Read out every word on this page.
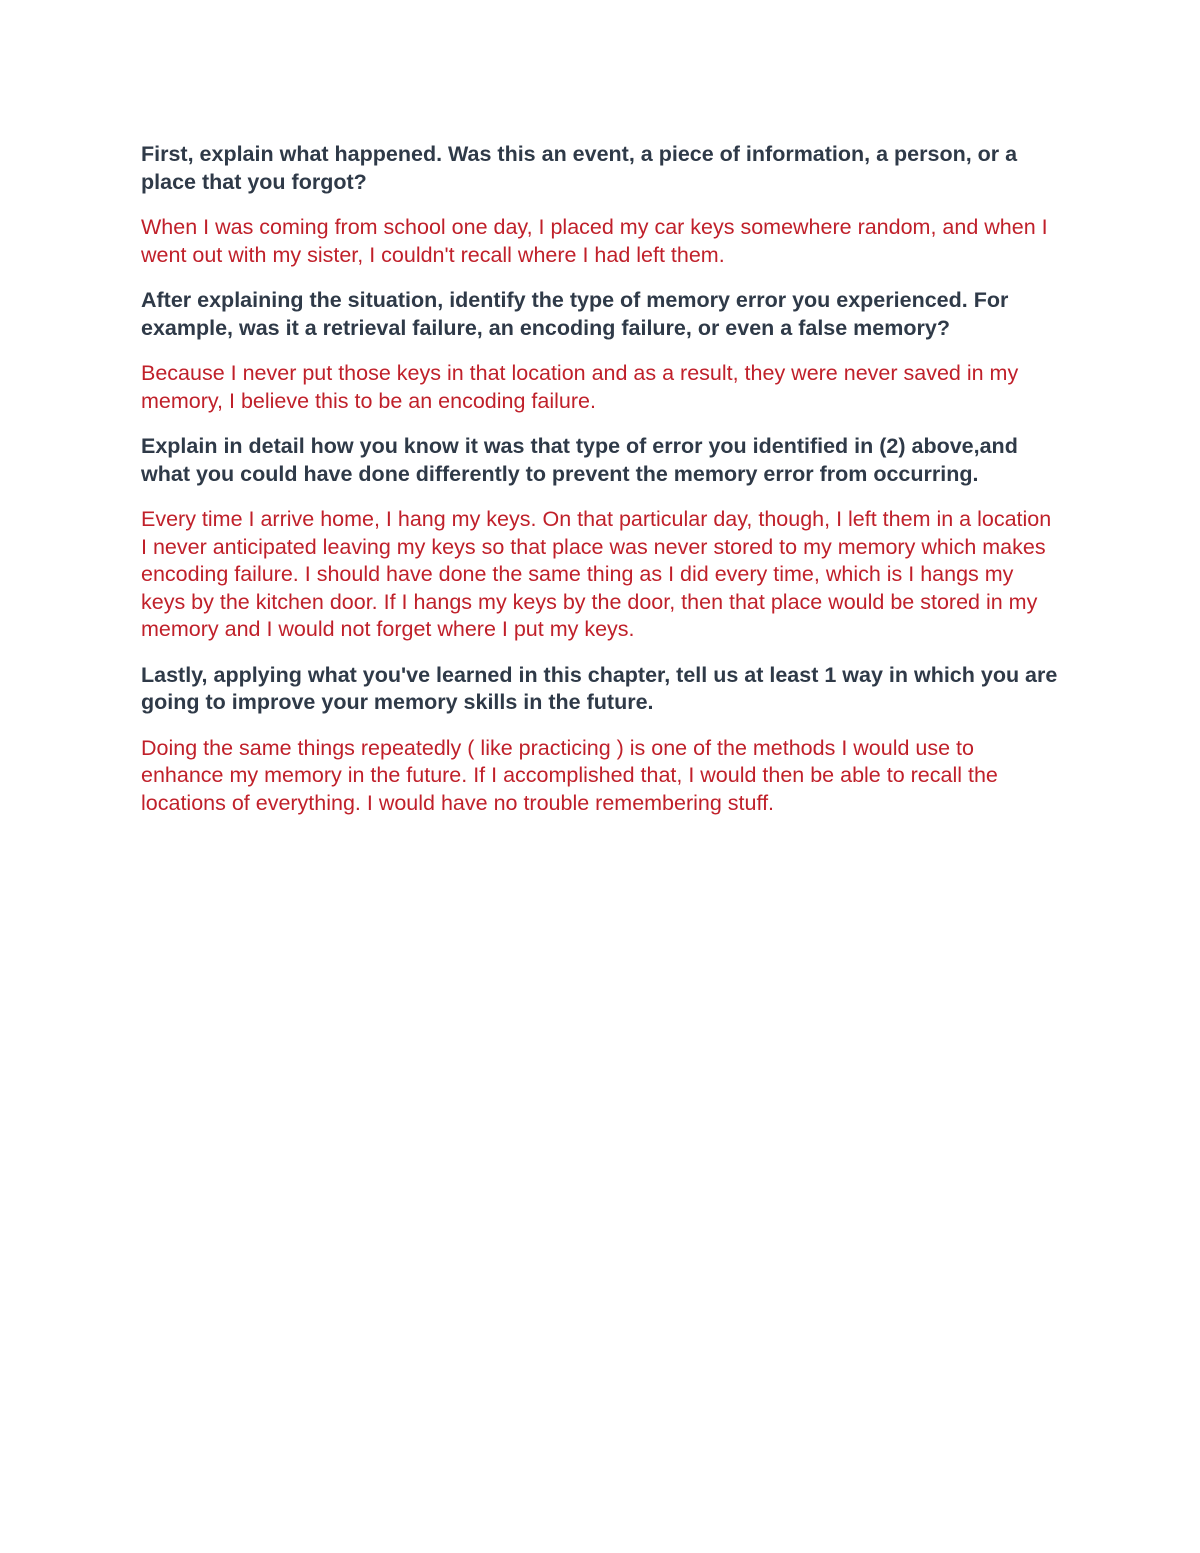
First, explain what happened. Was this an event, a piece of information, a person, or a place that you forgot?

When I was coming from school one day, I placed my car keys somewhere random, and when I went out with my sister, I couldn't recall where I had left them.

After explaining the situation, identify the type of memory error you experienced. For example, was it a retrieval failure, an encoding failure, or even a false memory?

Because I never put those keys in that location and as a result, they were never saved in my memory, I believe this to be an encoding failure.

Explain in detail how you know it was that type of error you identified in (2) above,and what you could have done differently to prevent the memory error from occurring.

Every time I arrive home, I hang my keys. On that particular day, though, I left them in a location I never anticipated leaving my keys so that place was never stored to my memory which makes encoding failure. I should have done the same thing as I did every time, which is I hangs my keys by the kitchen door. If I hangs my keys by the door, then that place would be stored in my memory and I would not forget where I put my keys.

Lastly, applying what you've learned in this chapter, tell us at least 1 way in which you are going to improve your memory skills in the future.

Doing the same things repeatedly ( like practicing ) is one of the methods I would use to enhance my memory in the future. If I accomplished that, I would then be able to recall the locations of everything. I would have no trouble remembering stuff.
